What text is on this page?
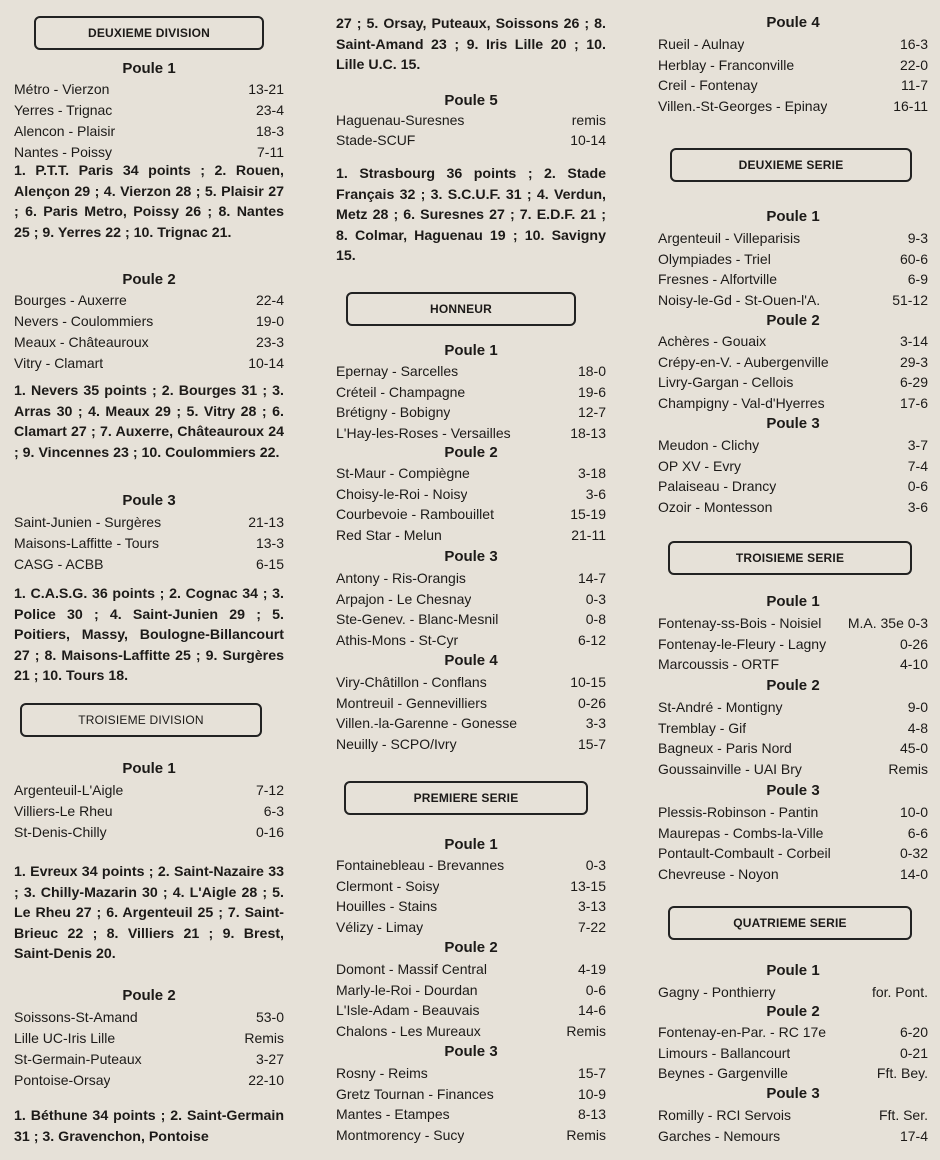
DEUXIEME DIVISION
Poule 1
Métro - Vierzon	13-21
Yerres - Trignac	23-4
Alencon - Plaisir	18-3
Nantes - Poissy	7-11

1. P.T.T. Paris 34 points ; 2. Rouen, Alençon 29 ; 4. Vierzon 28 ; 5. Plaisir 27 ; 6. Paris Metro, Poissy 26 ; 8. Nantes 25 ; 9. Yerres 22 ; 10. Trignac 21.

Poule 2
Bourges - Auxerre	22-4
Nevers - Coulommiers	19-0
Meaux - Châteauroux	23-3
Vitry - Clamart	10-14

1. Nevers 35 points ; 2. Bourges 31 ; 3. Arras 30 ; 4. Meaux 29 ; 5. Vitry 28 ; 6. Clamart 27 ; 7. Auxerre, Châteauroux 24 ; 9. Vincennes 23 ; 10. Coulommiers 22.

Poule 3
Saint-Junien - Surgères	21-13
Maisons-Laffitte - Tours	13-3
CASG - ACBB	6-15

1. C.A.S.G. 36 points ; 2. Cognac 34 ; 3. Police 30 ; 4. Saint-Junien 29 ; 5. Poitiers, Massy, Boulogne-Billancourt 27 ; 8. Maisons-Laffitte 25 ; 9. Surgères 21 ; 10. Tours 18.

TROISIEME DIVISION
Poule 1
Argenteuil-L'Aigle	7-12
Villiers-Le Rheu	6-3
St-Denis-Chilly	0-16

1. Evreux 34 points ; 2. Saint-Nazaire 33 ; 3. Chilly-Mazarin 30 ; 4. L'Aigle 28 ; 5. Le Rheu 27 ; 6. Argenteuil 25 ; 7. Saint-Brieuc 22 ; 8. Villiers 21 ; 9. Brest, Saint-Denis 20.

Poule 2
Soissons-St-Amand	53-0
Lille UC-Iris Lille	Remis
St-Germain-Puteaux	3-27
Pontoise-Orsay	22-10

1. Béthune 34 points ; 2. Saint-Germain 31 ; 3. Gravenchon, Pontoise

27 ; 5. Orsay, Puteaux, Soissons 26 ; 8. Saint-Amand 23 ; 9. Iris Lille 20 ; 10. Lille U.C. 15.

Poule 5
Haguenau-Suresnes	remis
Stade-SCUF	10-14

1. Strasbourg 36 points ; 2. Stade Français 32 ; 3. S.C.U.F. 31 ; 4. Verdun, Metz 28 ; 6. Suresnes 27 ; 7. E.D.F. 21 ; 8. Colmar, Haguenau 19 ; 10. Savigny 15.

HONNEUR
Poule 1
Epernay - Sarcelles	18-0
Créteil - Champagne	19-6
Brétigny - Bobigny	12-7
L'Hay-les-Roses - Versailles	18-13
Poule 2
St-Maur - Compiègne	3-18
Choisy-le-Roi - Noisy	3-6
Courbevoie - Rambouillet	15-19
Red Star - Melun	21-11
Poule 3
Antony - Ris-Orangis	14-7
Arpajon - Le Chesnay	0-3
Ste-Genev. - Blanc-Mesnil	0-8
Athis-Mons - St-Cyr	6-12
Poule 4
Viry-Châtillon - Conflans	10-15
Montreuil - Gennevilliers	0-26
Villen.-la-Garenne - Gonesse	3-3
Neuilly - SCPO/Ivry	15-7
PREMIERE SERIE
Poule 1
Fontainebleau - Brevannes	0-3
Clermont - Soisy	13-15
Houilles - Stains	3-13
Vélizy - Limay	7-22
Poule 2
Domont - Massif Central	4-19
Marly-le-Roi - Dourdan	0-6
L'Isle-Adam - Beauvais	14-6
Chalons - Les Mureaux	Remis
Poule 3
Rosny - Reims	15-7
Gretz Tournan - Finances	10-9
Mantes - Etampes	8-13
Montmorency - Sucy	Remis
Poule 4
Rueil - Aulnay	16-3
Herblay - Franconville	22-0
Creil - Fontenay	11-7
Villen.-St-Georges - Epinay	16-11
DEUXIEME SERIE
Poule 1
Argenteuil - Villeparisis	9-3
Olympiades - Triel	60-6
Fresnes - Alfortville	6-9
Noisy-le-Gd - St-Ouen-l'A.	51-12
Poule 2
Achères - Gouaix	3-14
Crépy-en-V. - Aubergenville	29-3
Livry-Gargan - Cellois	6-29
Champigny - Val-d'Hyerres	17-6
Poule 3
Meudon - Clichy	3-7
OP XV - Evry	7-4
Palaiseau - Drancy	0-6
Ozoir - Montesson	3-6
TROISIEME SERIE
Poule 1
Fontenay-ss-Bois - Noisiel	M.A. 35e 0-3
Fontenay-le-Fleury - Lagny	0-26
Marcoussis - ORTF	4-10
Poule 2
St-André - Montigny	9-0
Tremblay - Gif	4-8
Bagneux - Paris Nord	45-0
Goussainville - UAI Bry	Remis
Poule 3
Plessis-Robinson - Pantin	10-0
Maurepas - Combs-la-Ville	6-6
Pontault-Combault - Corbeil	0-32
Chevreuse - Noyon	14-0
QUATRIEME SERIE
Poule 1
Gagny - Ponthierry	for. Pont.
Poule 2
Fontenay-en-Par. - RC 17e	6-20
Limours - Ballancourt	0-21
Beynes - Gargenville	Fft. Bey.
Poule 3
Romilly - RCI Servois	Fft. Ser.
Garches - Nemours	17-4
